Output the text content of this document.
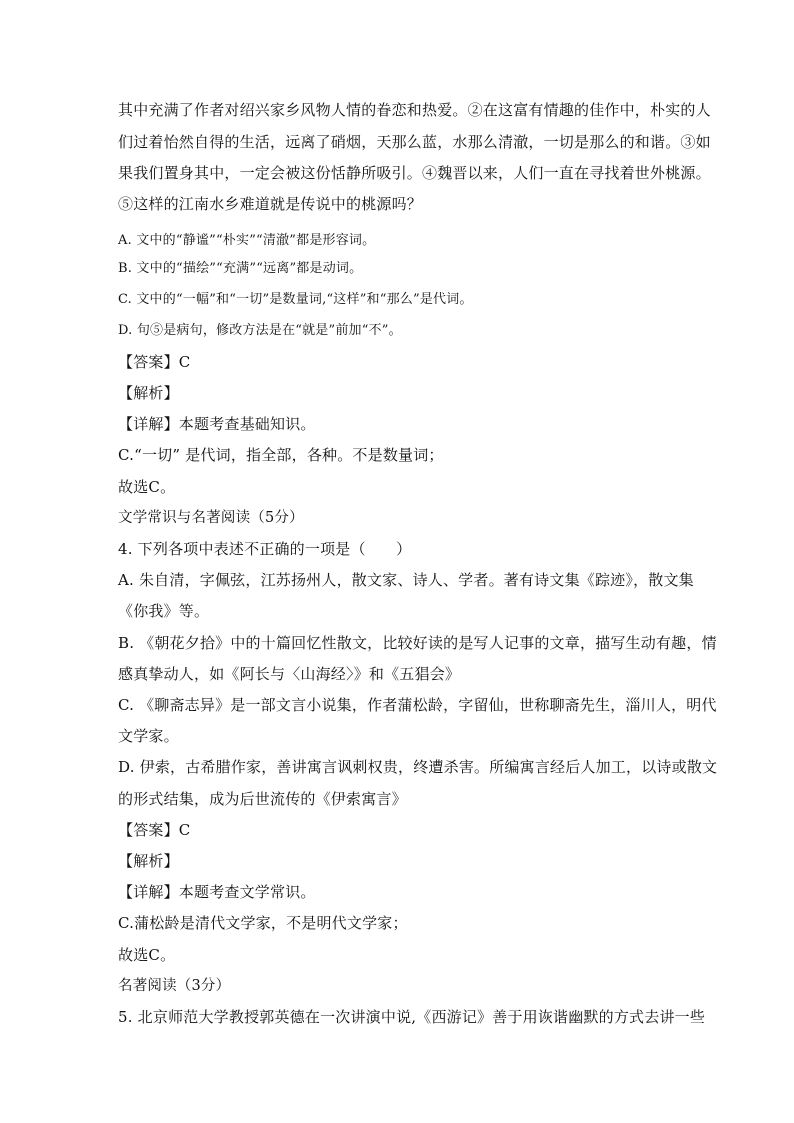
其中充满了作者对绍兴家乡风物人情的眷恋和热爱。②在这富有情趣的佳作中，朴实的人
们过着怡然自得的生活，远离了硝烟，天那么蓝，水那么清澈，一切是那么的和谐。③如
果我们置身其中，一定会被这份恬静所吸引。④魏晋以来，人们一直在寻找着世外桃源。
⑤这样的江南水乡难道就是传说中的桃源吗？
A. 文中的“静谧”“朴实”“清澈”都是形容词。
B. 文中的“描绘”“充满”“远离”都是动词。
C. 文中的“一幅”和“一切”是数量词,“这样”和“那么”是代词。
D. 句⑤是病句，修改方法是在“就是”前加“不”。
【答案】C
【解析】
【详解】本题考查基础知识。
C.“一切” 是代词，指全部，各种。不是数量词；
故选C。
文学常识与名著阅读（5分）
4. 下列各项中表述不正确的一项是（　　）
A. 朱自清，字佩弦，江苏扬州人，散文家、诗人、学者。著有诗文集《踪迹》，散文集
《你我》等。
B. 《朝花夕拾》中的十篇回忆性散文，比较好读的是写人记事的文章，描写生动有趣，情
感真挚动人，如《阿长与〈山海经〉》和《五猖会》
C. 《聊斋志异》是一部文言小说集，作者蒲松龄，字留仙，世称聊斋先生，淄川人，明代
文学家。
D. 伊索，古希腊作家，善讲寓言讽刺权贵，终遭杀害。所编寓言经后人加工，以诗或散文
的形式结集，成为后世流传的《伊索寓言》
【答案】C
【解析】
【详解】本题考查文学常识。
C.蒲松龄是清代文学家，不是明代文学家；
故选C。
名著阅读（3分）
5. 北京师范大学教授郭英德在一次讲演中说,《西游记》善于用诙谐幽默的方式去讲一些
